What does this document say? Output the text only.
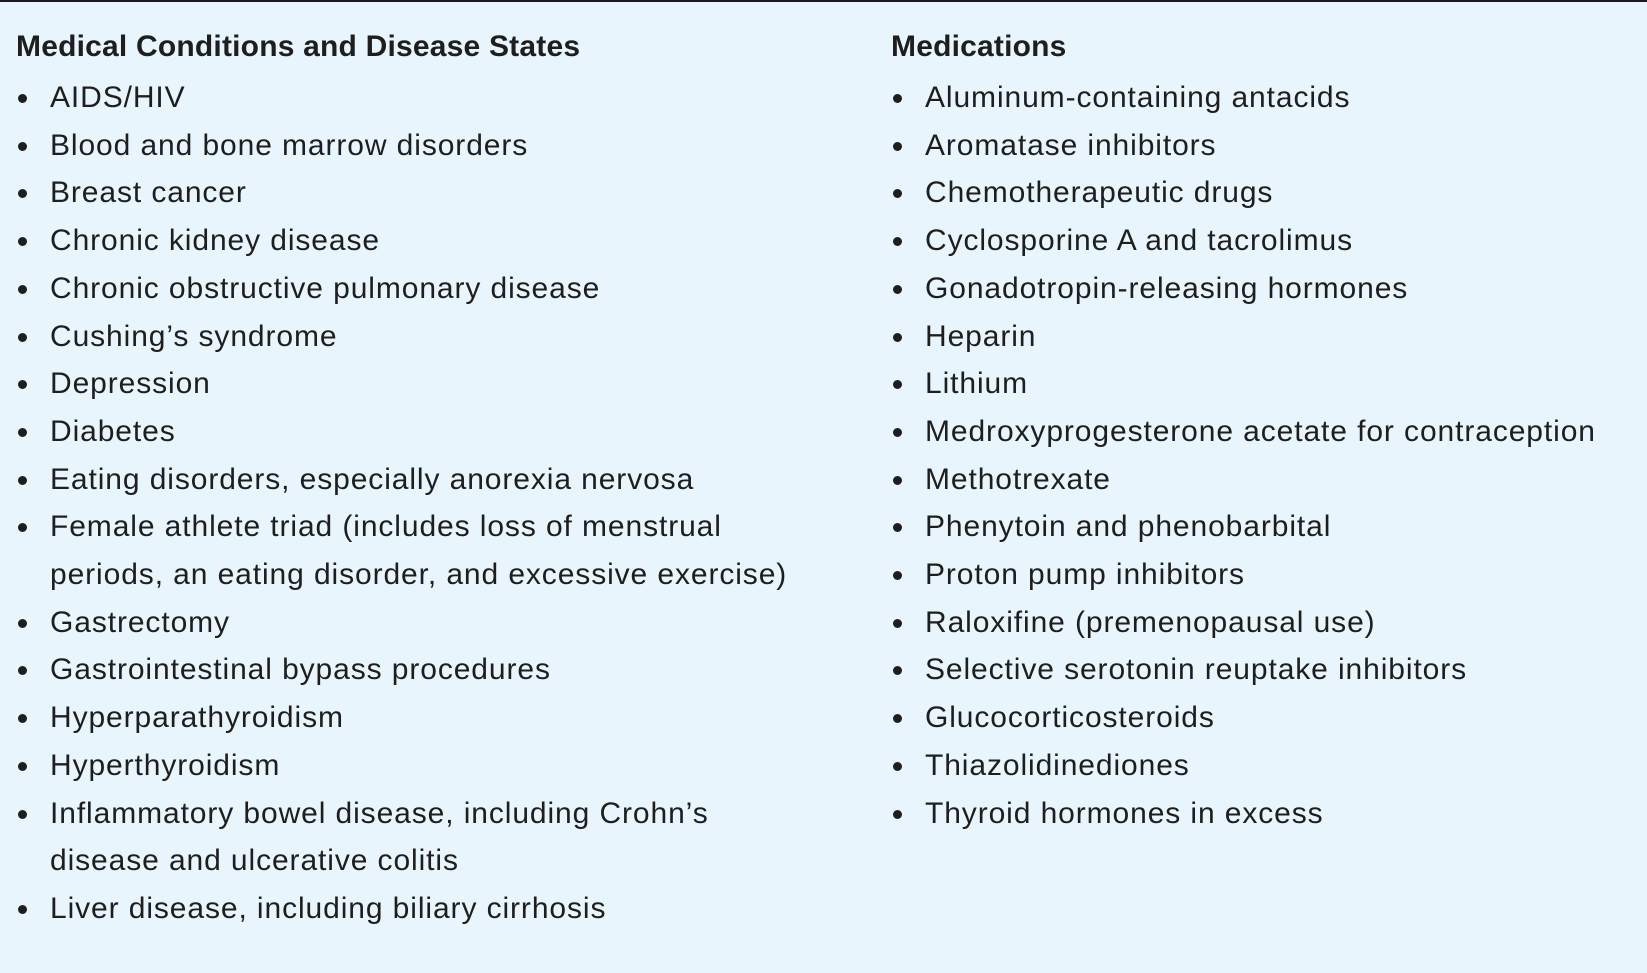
Medical Conditions and Disease States
AIDS/HIV
Blood and bone marrow disorders
Breast cancer
Chronic kidney disease
Chronic obstructive pulmonary disease
Cushing’s syndrome
Depression
Diabetes
Eating disorders, especially anorexia nervosa
Female athlete triad (includes loss of menstrual periods, an eating disorder, and excessive exercise)
Gastrectomy
Gastrointestinal bypass procedures
Hyperparathyroidism
Hyperthyroidism
Inflammatory bowel disease, including Crohn’s disease and ulcerative colitis
Liver disease, including biliary cirrhosis
Medications
Aluminum-containing antacids
Aromatase inhibitors
Chemotherapeutic drugs
Cyclosporine A and tacrolimus
Gonadotropin-releasing hormones
Heparin
Lithium
Medroxyprogesterone acetate for contraception
Methotrexate
Phenytoin and phenobarbital
Proton pump inhibitors
Raloxifine (premenopausal use)
Selective serotonin reuptake inhibitors
Glucocorticosteroids
Thiazolidinediones
Thyroid hormones in excess
